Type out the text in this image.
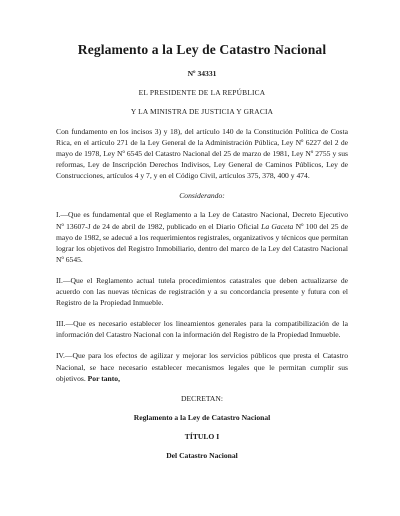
Reglamento a la Ley de Catastro Nacional
Nº 34331
EL PRESIDENTE DE LA REPÚBLICA
Y LA MINISTRA DE JUSTICIA Y GRACIA

Con fundamento en los incisos 3) y 18), del artículo 140 de la Constitución Política de Costa Rica, en el artículo 271 de la Ley General de la Administración Pública, Ley Nº 6227 del 2 de mayo de 1978, Ley Nº 6545 del Catastro Nacional del 25 de marzo de 1981, Ley Nº 2755 y sus reformas, Ley de Inscripción Derechos Indivisos, Ley General de Caminos Públicos, Ley de Construcciones, artículos 4 y 7, y en el Código Civil, artículos 375, 378, 400 y 474.

Considerando:

I.—Que es fundamental que el Reglamento a la Ley de Catastro Nacional, Decreto Ejecutivo Nº 13607-J de 24 de abril de 1982, publicado en el Diario Oficial La Gaceta Nº 100 del 25 de mayo de 1982, se adecué a los requerimientos registrales, organizativos y técnicos que permitan lograr los objetivos del Registro Inmobiliario, dentro del marco de la Ley del Catastro Nacional Nº 6545.

II.—Que el Reglamento actual tutela procedimientos catastrales que deben actualizarse de acuerdo con las nuevas técnicas de registración y a su concordancia presente y futura con el Registro de la Propiedad Inmueble.

III.—Que es necesario establecer los lineamientos generales para la compatibilización de la información del Catastro Nacional con la información del Registro de la Propiedad Inmueble.

IV.—Que para los efectos de agilizar y mejorar los servicios públicos que presta el Catastro Nacional, se hace necesario establecer mecanismos legales que le permitan cumplir sus objetivos. Por tanto,

DECRETAN:
Reglamento a la Ley de Catastro Nacional
TÍTULO I
Del Catastro Nacional
